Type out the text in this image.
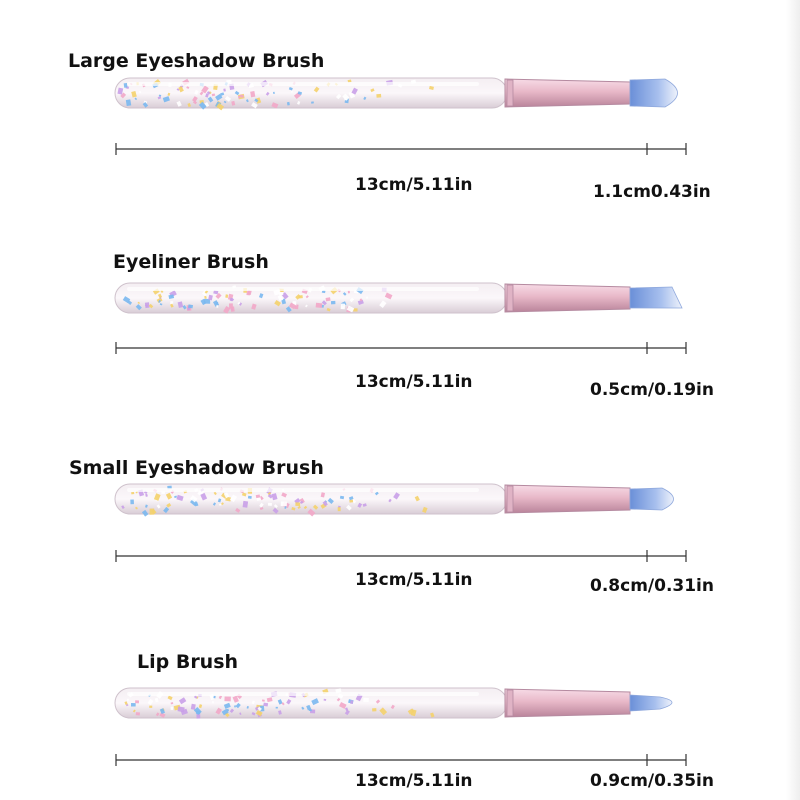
Large Eyeshadow Brush
13cm/5.11in	1.1cm0.43in
Eyeliner Brush
13cm/5.11in	0.5cm/0.19in
Small Eyeshadow Brush
13cm/5.11in	0.8cm/0.31in
Lip Brush
13cm/5.11in	0.9cm/0.35in
